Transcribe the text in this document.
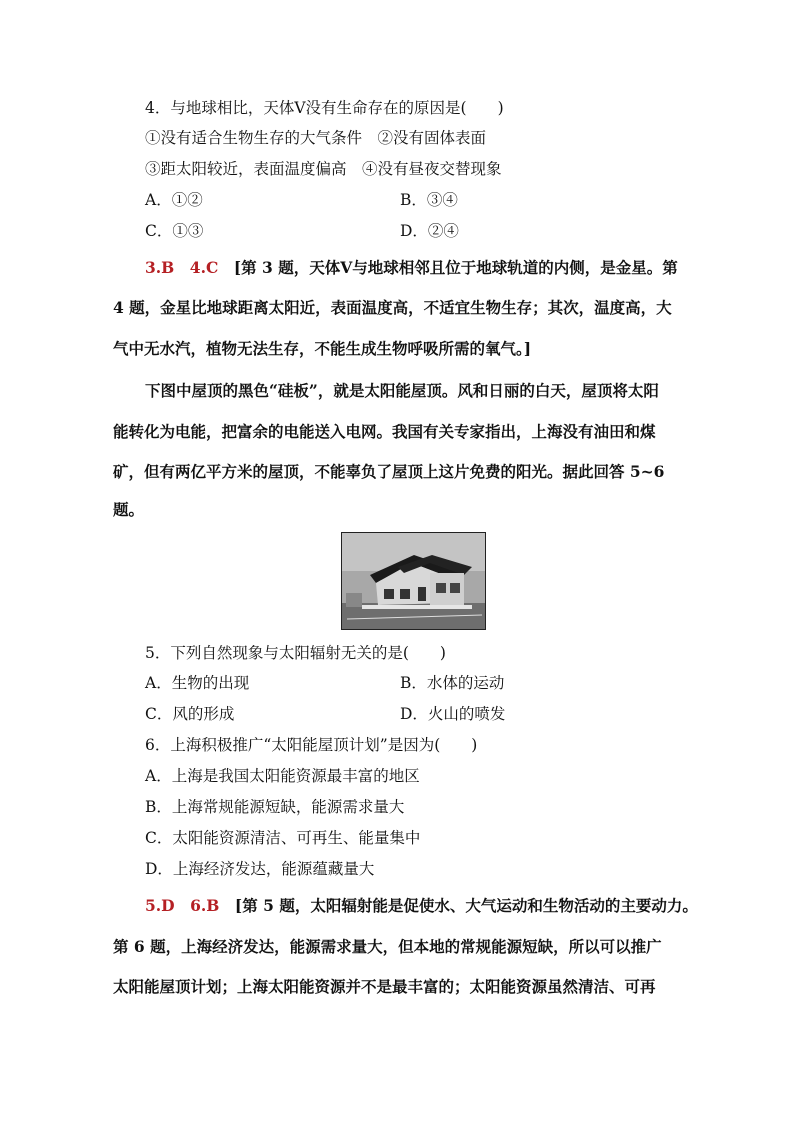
4．与地球相比，天体Ⅴ没有生命存在的原因是(　　)
①没有适合生物生存的大气条件　②没有固体表面
③距太阳较近，表面温度偏高　④没有昼夜交替现象
A．①②	B．③④
C．①③	D．②④
3.B　4.C　[第 3 题，天体Ⅴ与地球相邻且位于地球轨道的内侧，是金星。第
4 题，金星比地球距离太阳近，表面温度高，不适宜生物生存；其次，温度高，大
气中无水汽，植物无法生存，不能生成生物呼吸所需的氧气。]
下图中屋顶的黑色“硅板”，就是太阳能屋顶。风和日丽的白天，屋顶将太阳
能转化为电能，把富余的电能送入电网。我国有关专家指出，上海没有油田和煤
矿，但有两亿平方米的屋顶，不能辜负了屋顶上这片免费的阳光。据此回答 5~6
题。
5．下列自然现象与太阳辐射无关的是(　　)
A．生物的出现	B．水体的运动
C．风的形成	D．火山的喷发
6．上海积极推广“太阳能屋顶计划”是因为(　　)
A．上海是我国太阳能资源最丰富的地区
B．上海常规能源短缺，能源需求量大
C．太阳能资源清洁、可再生、能量集中
D．上海经济发达，能源蕴藏量大
5.D　6.B　[第 5 题，太阳辐射能是促使水、大气运动和生物活动的主要动力。
第 6 题，上海经济发达，能源需求量大，但本地的常规能源短缺，所以可以推广
太阳能屋顶计划；上海太阳能资源并不是最丰富的；太阳能资源虽然清洁、可再
